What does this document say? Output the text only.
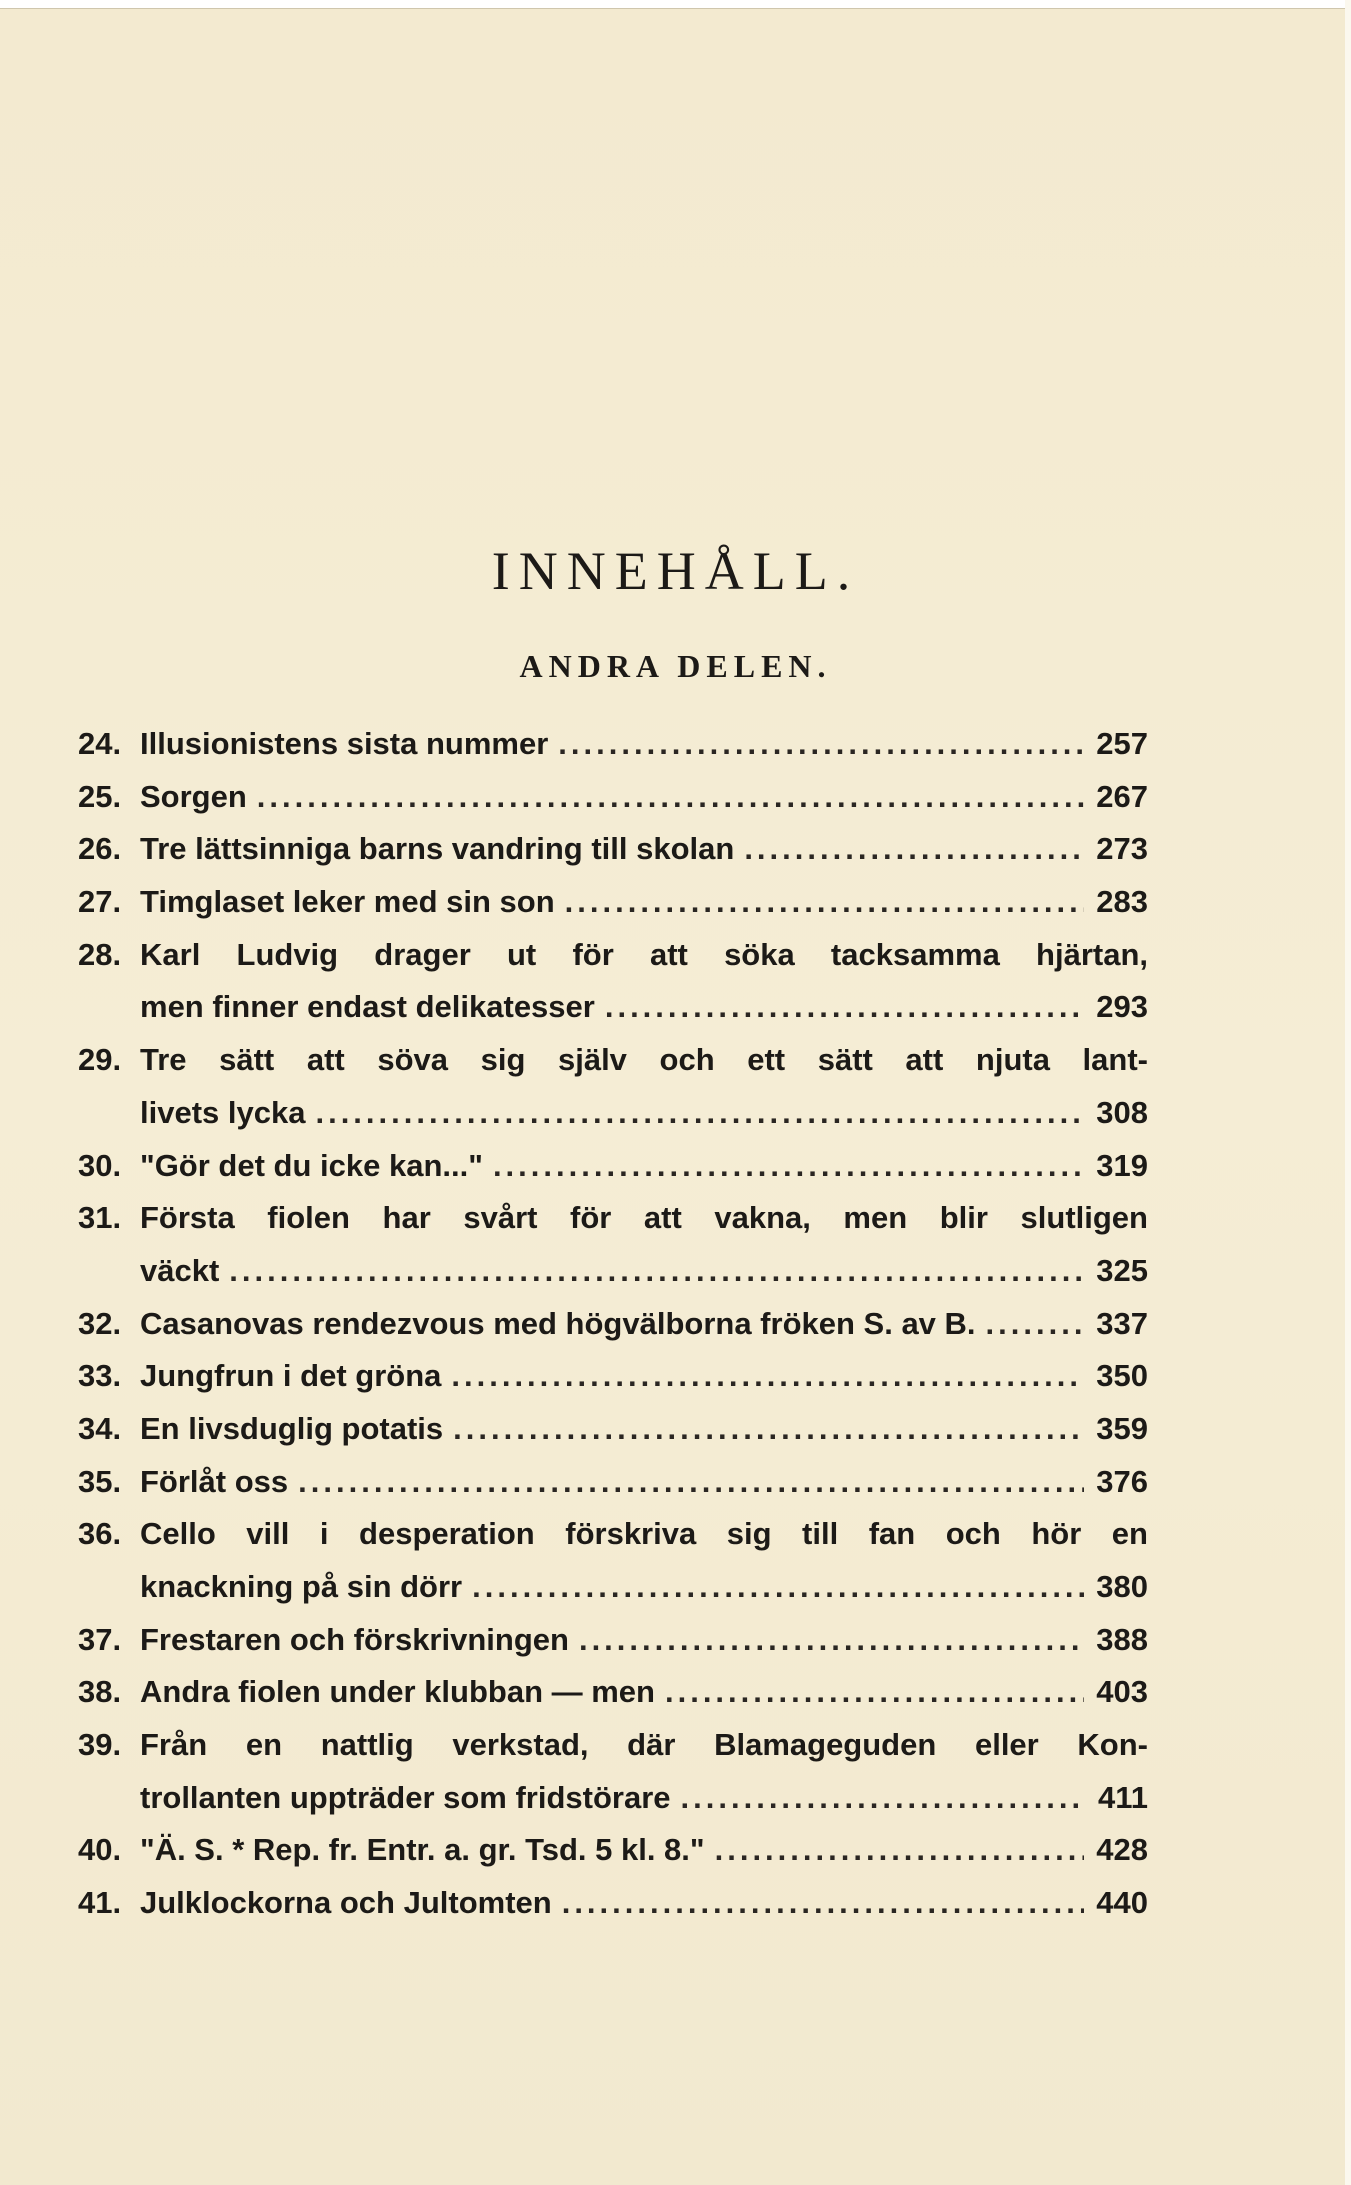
INNEHÅLL.
ANDRA DELEN.
24. Illusionistens sista nummer .....	257
25. Sorgen .....	267
26. Tre lättsinniga barns vandring till skolan .....	273
27. Timglaset leker med sin son .....	283
28. Karl Ludvig drager ut för att söka tacksamma hjärtan,
men finner endast delikatesser .....	293
29. Tre sätt att söva sig själv och ett sätt att njuta lant-
livets lycka .....	308
30. "Gör det du icke kan..." .....	319
31. Första fiolen har svårt för att vakna, men blir slutligen
väckt .....	325
32. Casanovas rendezvous med högvälborna fröken S. av B. .....	337
33. Jungfrun i det gröna .....	350
34. En livsduglig potatis .....	359
35. Förlåt oss .....	376
36. Cello vill i desperation förskriva sig till fan och hör en
knackning på sin dörr .....	380
37. Frestaren och förskrivningen .....	388
38. Andra fiolen under klubban — men .....	403
39. Från en nattlig verkstad, där Blamageguden eller Kon-
trollanten uppträder som fridstörare .....	411
40. "Ä. S. * Rep. fr. Entr. a. gr. Tsd. 5 kl. 8." .....	428
41. Julklockorna och Jultomten .....	440
